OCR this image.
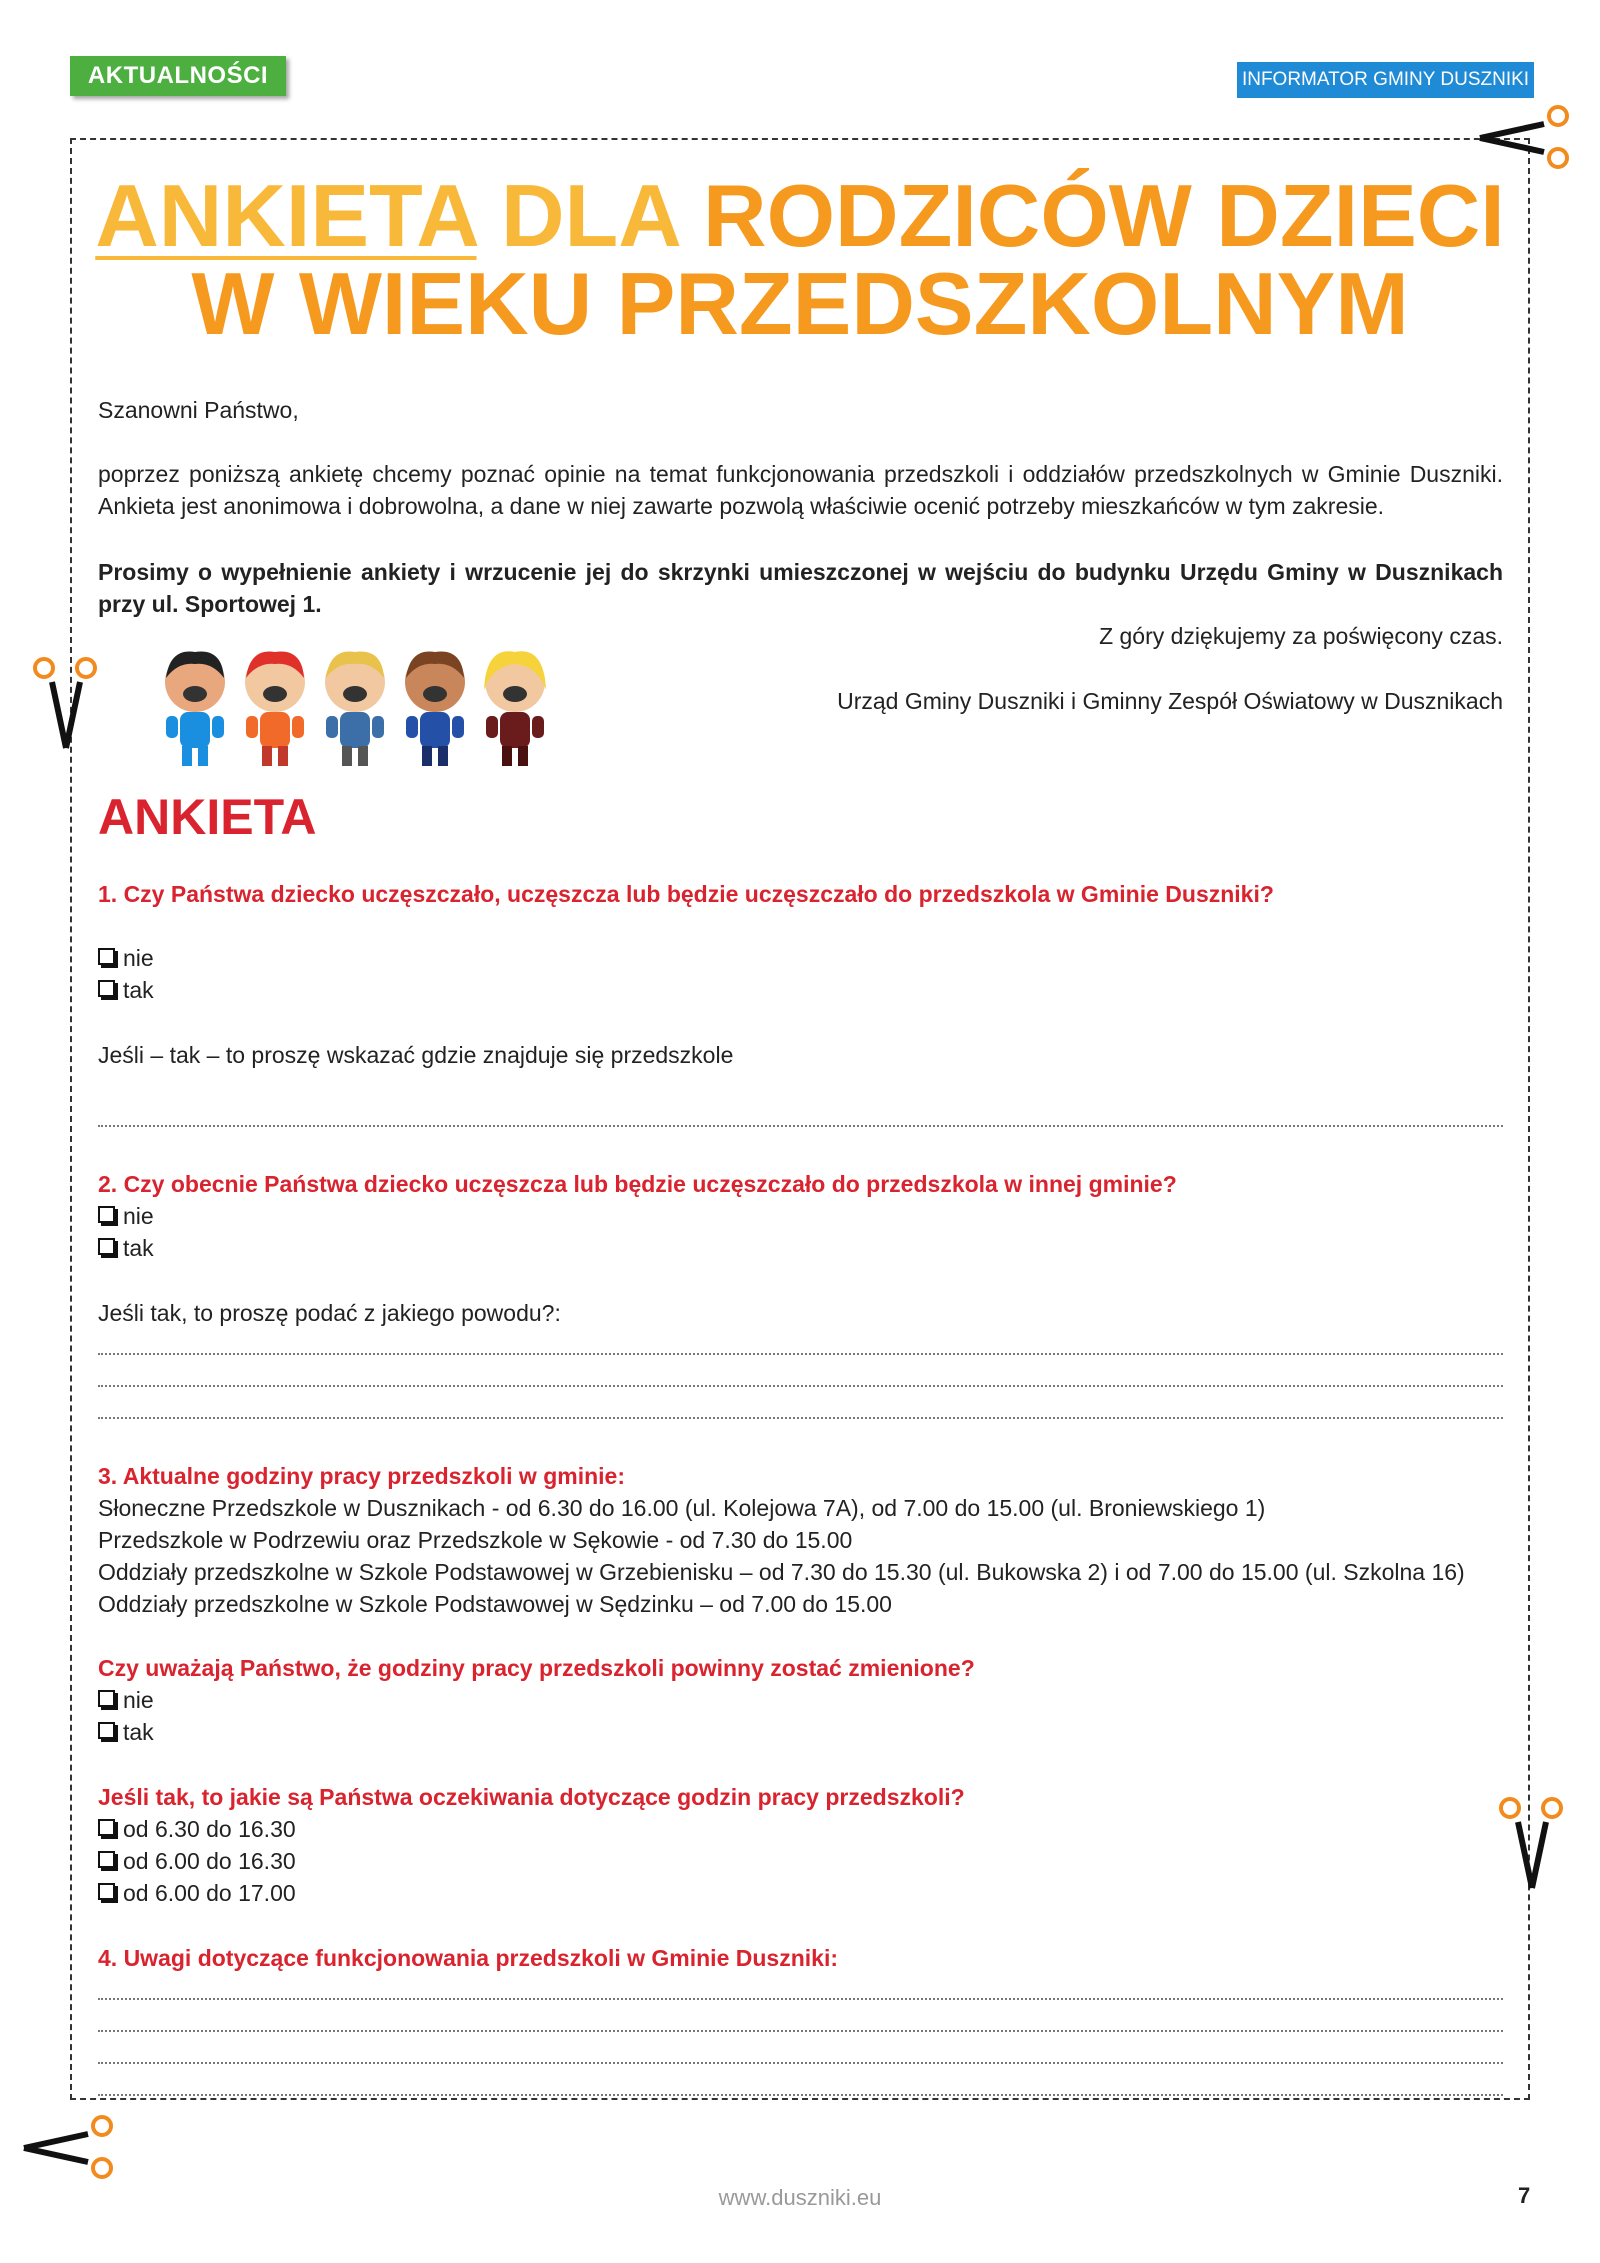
AKTUALNOŚCI	INFORMATOR GMINY DUSZNIKI
ANKIETA DLA RODZICÓW DZIECI
W WIEKU PRZEDSZKOLNYM
Szanowni Państwo,
poprzez poniższą ankietę chcemy poznać opinie na temat funkcjonowania przedszkoli i oddziałów przedszkolnych w Gminie Duszniki. Ankieta jest anonimowa i dobrowolna, a dane w niej zawarte pozwolą właściwie ocenić potrzeby mieszkańców w tym zakresie.
Prosimy o wypełnienie ankiety i wrzucenie jej do skrzynki umieszczonej w wejściu do budynku Urzędu Gminy w Dusznikach przy ul. Sportowej 1.
Z góry dziękujemy za poświęcony czas.
Urząd Gminy Duszniki i Gminny Zespół Oświatowy w Dusznikach
ANKIETA
1. Czy Państwa dziecko uczęszczało, uczęszcza lub będzie uczęszczało do przedszkola w Gminie Duszniki?
nie
tak
Jeśli – tak – to proszę wskazać gdzie znajduje się przedszkole
2. Czy obecnie Państwa dziecko uczęszcza lub będzie uczęszczało do przedszkola w innej gminie?
nie
tak
Jeśli tak, to proszę podać z jakiego powodu?:
3. Aktualne godziny pracy przedszkoli w gminie:
Słoneczne Przedszkole w Dusznikach - od 6.30 do 16.00 (ul. Kolejowa 7A), od 7.00 do 15.00 (ul. Broniewskiego 1)
Przedszkole w Podrzewiu oraz Przedszkole w Sękowie - od 7.30 do 15.00
Oddziały przedszkolne w Szkole Podstawowej w Grzebienisku – od 7.30 do 15.30 (ul. Bukowska 2) i od 7.00 do 15.00 (ul. Szkolna 16)
Oddziały przedszkolne w Szkole Podstawowej w Sędzinku – od 7.00 do 15.00
Czy uważają Państwo, że godziny pracy przedszkoli powinny zostać zmienione?
nie
tak
Jeśli tak, to jakie są Państwa oczekiwania dotyczące godzin pracy przedszkoli?
od 6.30 do 16.30
od 6.00 do 16.30
od 6.00 do 17.00
4. Uwagi dotyczące funkcjonowania przedszkoli w Gminie Duszniki:
www.duszniki.eu	7
